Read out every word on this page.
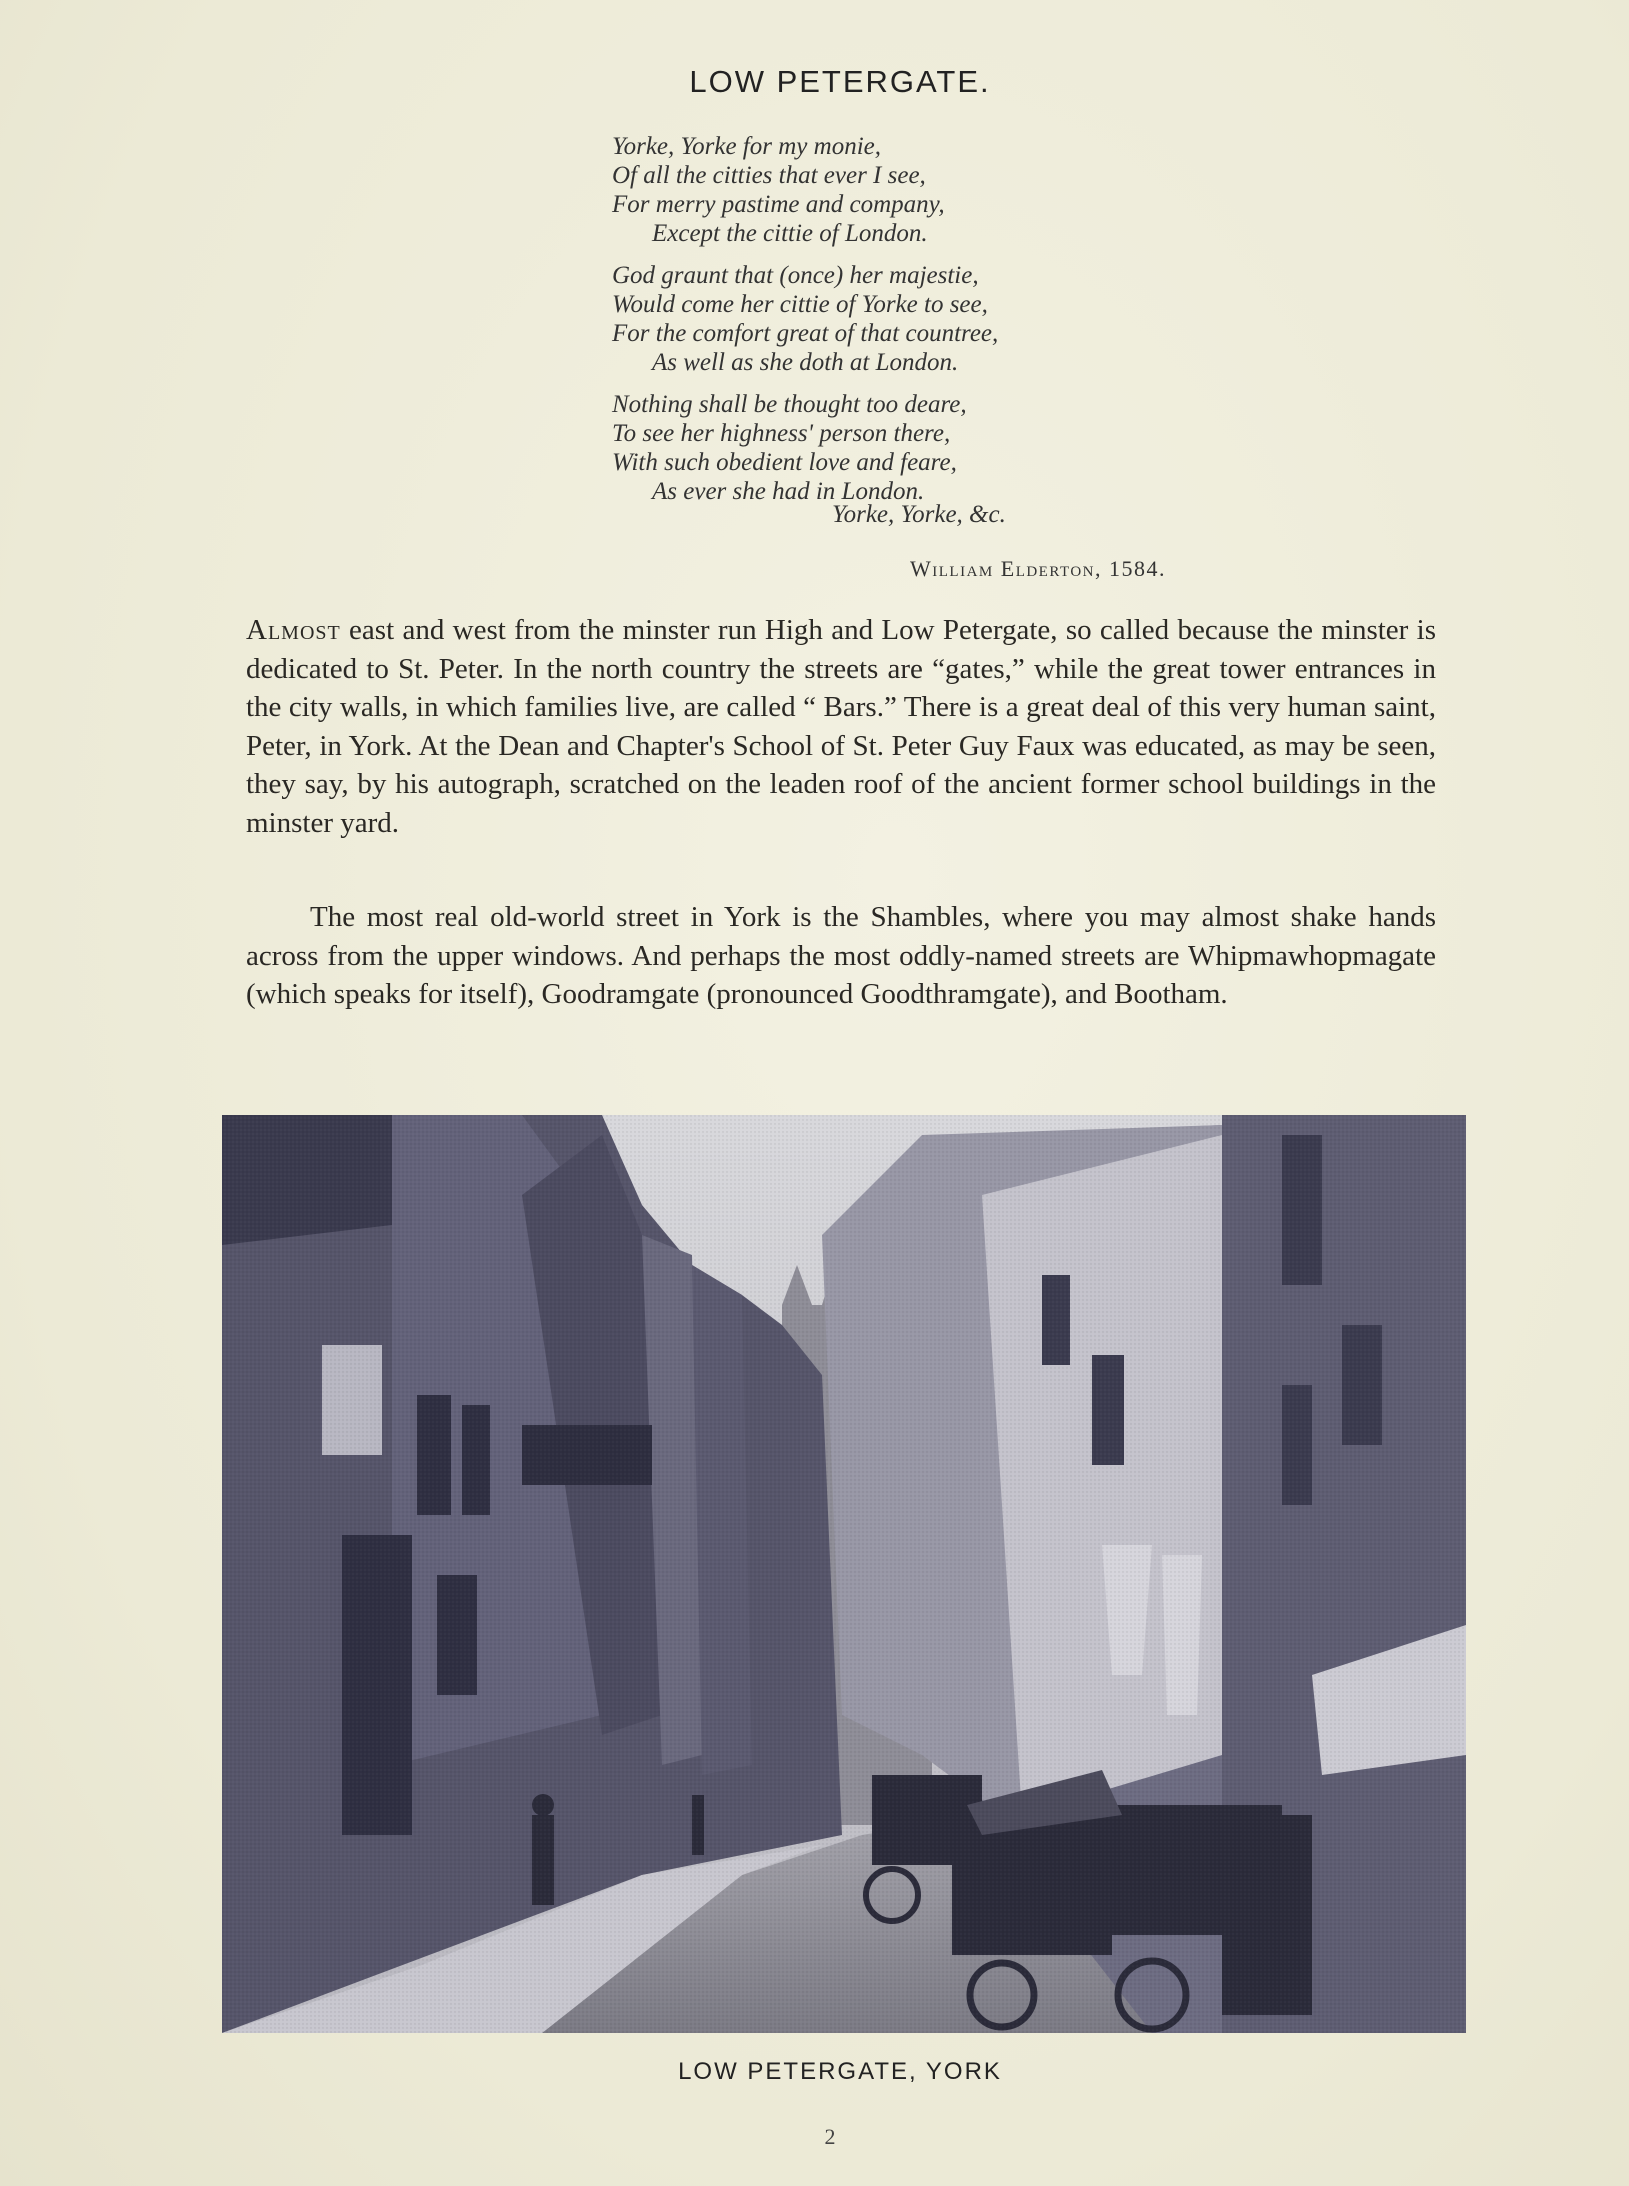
LOW PETERGATE.
Yorke, Yorke for my monie,
Of all the citties that ever I see,
For merry pastime and company,
Except the cittie of London.
God graunt that (once) her majestie,
Would come her cittie of Yorke to see,
For the comfort great of that countree,
As well as she doth at London.
Nothing shall be thought too deare,
To see her highness' person there,
With such obedient love and feare,
As ever she had in London.
Yorke, Yorke, &c.
William Elderton, 1584.

Almost east and west from the minster run High and Low Petergate, so called because the minster is dedicated to St. Peter. In the north country the streets are “gates,” while the great tower entrances in the city walls, in which families live, are called “ Bars.” There is a great deal of this very human saint, Peter, in York. At the Dean and Chapter's School of St. Peter Guy Faux was educated, as may be seen, they say, by his autograph, scratched on the leaden roof of the ancient former school buildings in the minster yard.

The most real old-world street in York is the Shambles, where you may almost shake hands across from the upper windows. And perhaps the most oddly-named streets are Whipmawhopmagate (which speaks for itself), Goodramgate (pronounced Goodthramgate), and Bootham.

LOW PETERGATE, YORK
2
